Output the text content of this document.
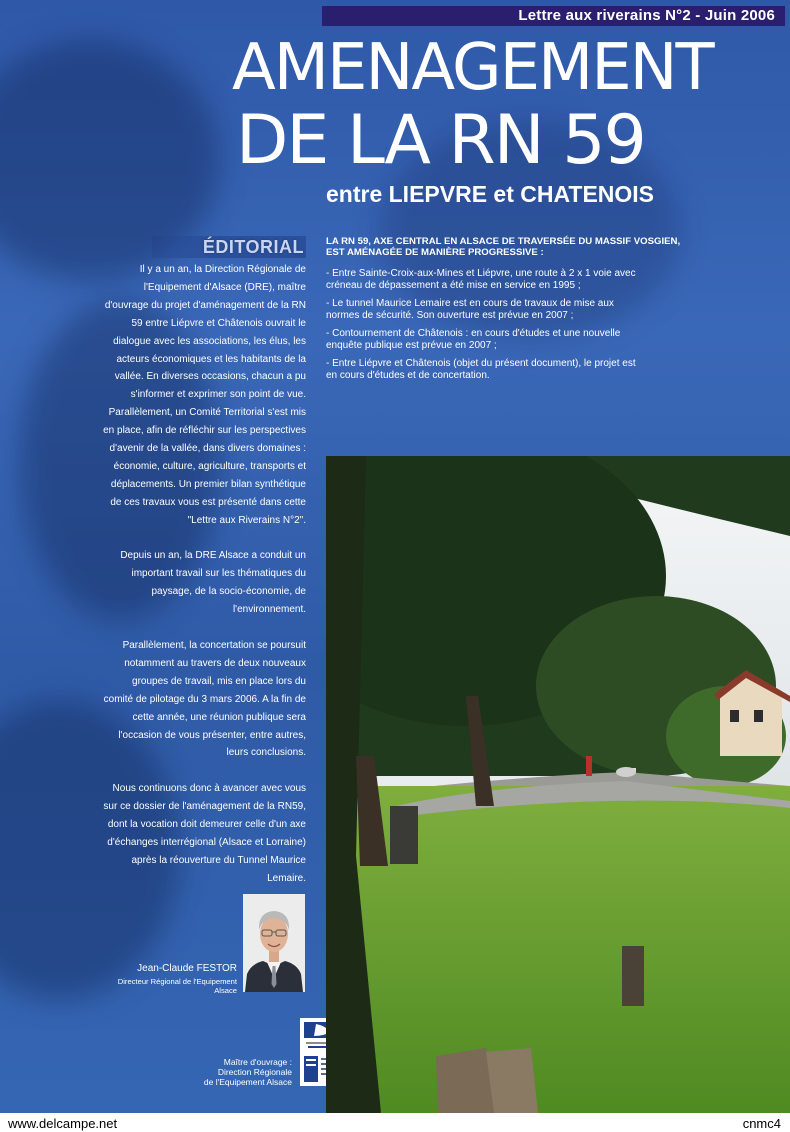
Lettre aux riverains N°2 - Juin 2006
AMENAGEMENT
DE LA RN 59
entre LIEPVRE et CHATENOIS
ÉDITORIAL

Il y a un an, la Direction Régionale de l'Equipement d'Alsace (DRE), maître d'ouvrage du projet d'aménagement de la RN 59 entre Liépvre et Châtenois ouvrait le dialogue avec les associations, les élus, les acteurs économiques et les habitants de la vallée. En diverses occasions, chacun a pu s'informer et exprimer son point de vue. Parallèlement, un Comité Territorial s'est mis en place, afin de réfléchir sur les perspectives d'avenir de la vallée, dans divers domaines : économie, culture, agriculture, transports et déplacements. Un premier bilan synthétique de ces travaux vous est présenté dans cette "Lettre aux Riverains N°2".

Depuis un an, la DRE Alsace a conduit un important travail sur les thématiques du paysage, de la socio-économie, de l'environnement.

Parallèlement, la concertation se poursuit notamment au travers de deux nouveaux groupes de travail, mis en place lors du comité de pilotage du 3 mars 2006. A la fin de cette année, une réunion publique sera l'occasion de vous présenter, entre autres, leurs conclusions.

Nous continuons donc à avancer avec vous sur ce dossier de l'aménagement de la RN59, dont la vocation doit demeurer celle d'un axe d'échanges interrégional (Alsace et Lorraine) après la réouverture du Tunnel Maurice Lemaire.

Jean-Claude FESTOR
Directeur Régional de l'Equipement
Alsace
Maître d'ouvrage :
Direction Régionale
de l'Equipement Alsace
LA RN 59, AXE CENTRAL EN ALSACE DE TRAVERSÉE DU MASSIF VOSGIEN,
EST AMÉNAGÉE DE MANIÈRE PROGRESSIVE :
- Entre Sainte-Croix-aux-Mines et Liépvre, une route à 2 x 1 voie avec créneau de dépassement a été mise en service en 1995 ;
- Le tunnel Maurice Lemaire est en cours de travaux de mise aux normes de sécurité. Son ouverture est prévue en 2007 ;
- Contournement de Châtenois : en cours d'études et une nouvelle enquête publique est prévue en 2007 ;
- Entre Liépvre et Châtenois (objet du présent document), le projet est en cours d'études et de concertation.
www.delcampe.net	cnmc4
